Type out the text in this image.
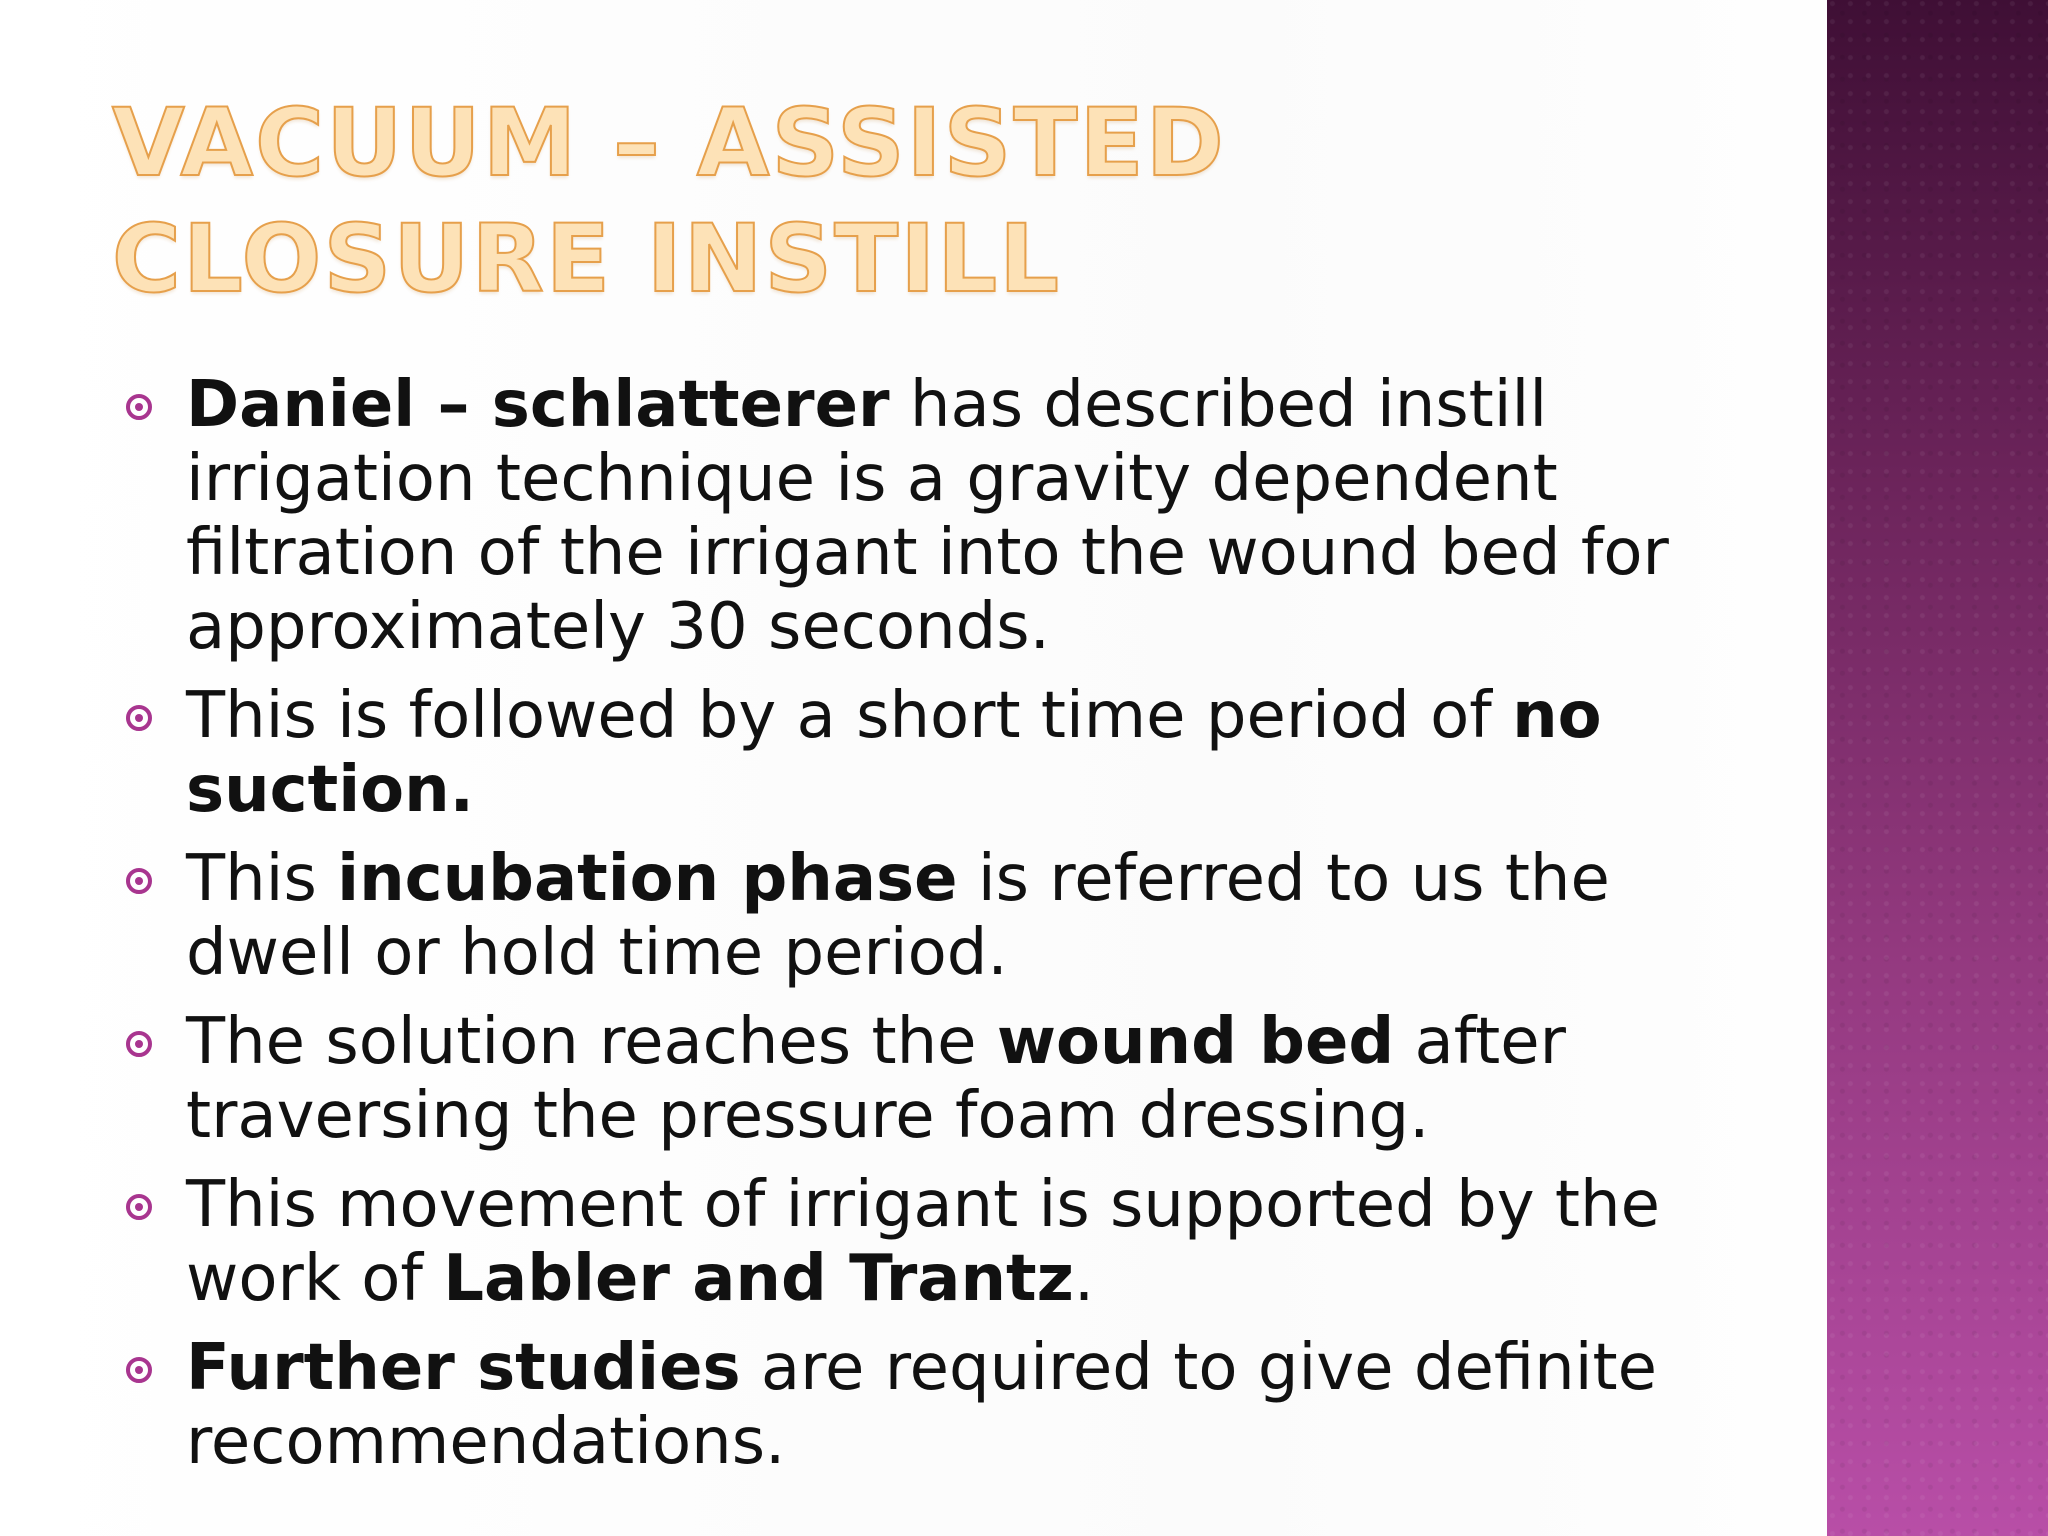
VACUUM – ASSISTED CLOSURE INSTILL
Daniel – schlatterer has described instill irrigation technique is a gravity dependent filtration of the irrigant into the wound bed for approximately 30 seconds.
This is followed by a short time period of no suction.
This incubation phase is referred to us the dwell or hold time period.
The solution reaches the wound bed after traversing the pressure foam dressing.
This movement of irrigant is supported by the work of Labler and Trantz.
Further studies are required to give definite recommendations.
